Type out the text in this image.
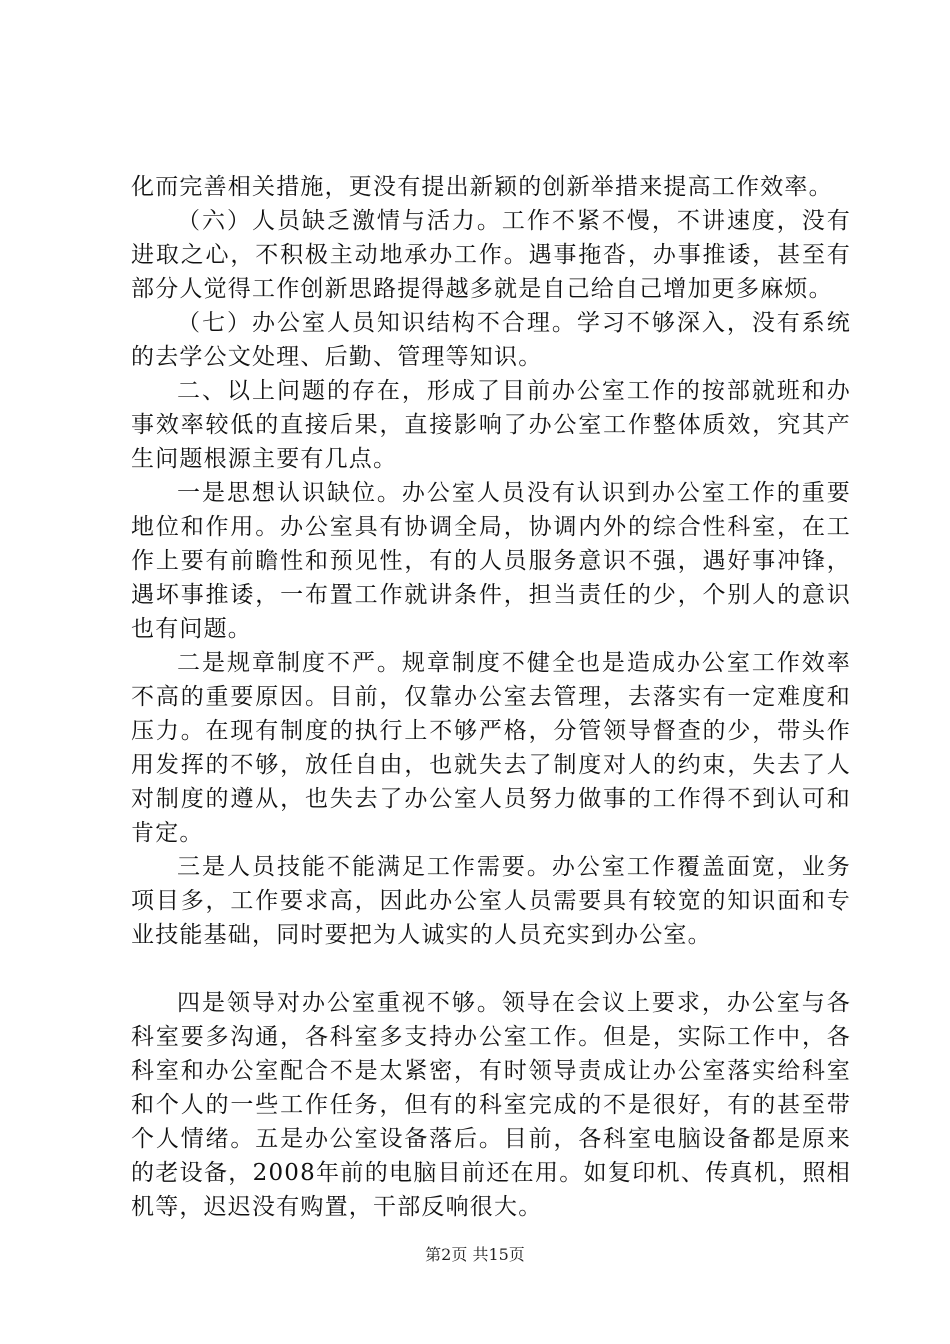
化而完善相关措施，更没有提出新颖的创新举措来提高工作效率。

（六）人员缺乏激情与活力。工作不紧不慢，不讲速度，没有进取之心，不积极主动地承办工作。遇事拖沓，办事推诿，甚至有部分人觉得工作创新思路提得越多就是自己给自己增加更多麻烦。

（七）办公室人员知识结构不合理。学习不够深入，没有系统的去学公文处理、后勤、管理等知识。

二、以上问题的存在，形成了目前办公室工作的按部就班和办事效率较低的直接后果，直接影响了办公室工作整体质效，究其产生问题根源主要有几点。

一是思想认识缺位。办公室人员没有认识到办公室工作的重要地位和作用。办公室具有协调全局，协调内外的综合性科室，在工作上要有前瞻性和预见性，有的人员服务意识不强，遇好事冲锋，遇坏事推诿，一布置工作就讲条件，担当责任的少，个别人的意识也有问题。

二是规章制度不严。规章制度不健全也是造成办公室工作效率不高的重要原因。目前，仅靠办公室去管理，去落实有一定难度和压力。在现有制度的执行上不够严格，分管领导督查的少，带头作用发挥的不够，放任自由，也就失去了制度对人的约束，失去了人对制度的遵从，也失去了办公室人员努力做事的工作得不到认可和肯定。

三是人员技能不能满足工作需要。办公室工作覆盖面宽，业务项目多，工作要求高，因此办公室人员需要具有较宽的知识面和专业技能基础，同时要把为人诚实的人员充实到办公室。

四是领导对办公室重视不够。领导在会议上要求，办公室与各科室要多沟通，各科室多支持办公室工作。但是，实际工作中，各科室和办公室配合不是太紧密，有时领导责成让办公室落实给科室和个人的一些工作任务，但有的科室完成的不是很好，有的甚至带个人情绪。五是办公室设备落后。目前，各科室电脑设备都是原来的老设备，2008年前的电脑目前还在用。如复印机、传真机，照相机等，迟迟没有购置，干部反响很大。

第2页 共15页
